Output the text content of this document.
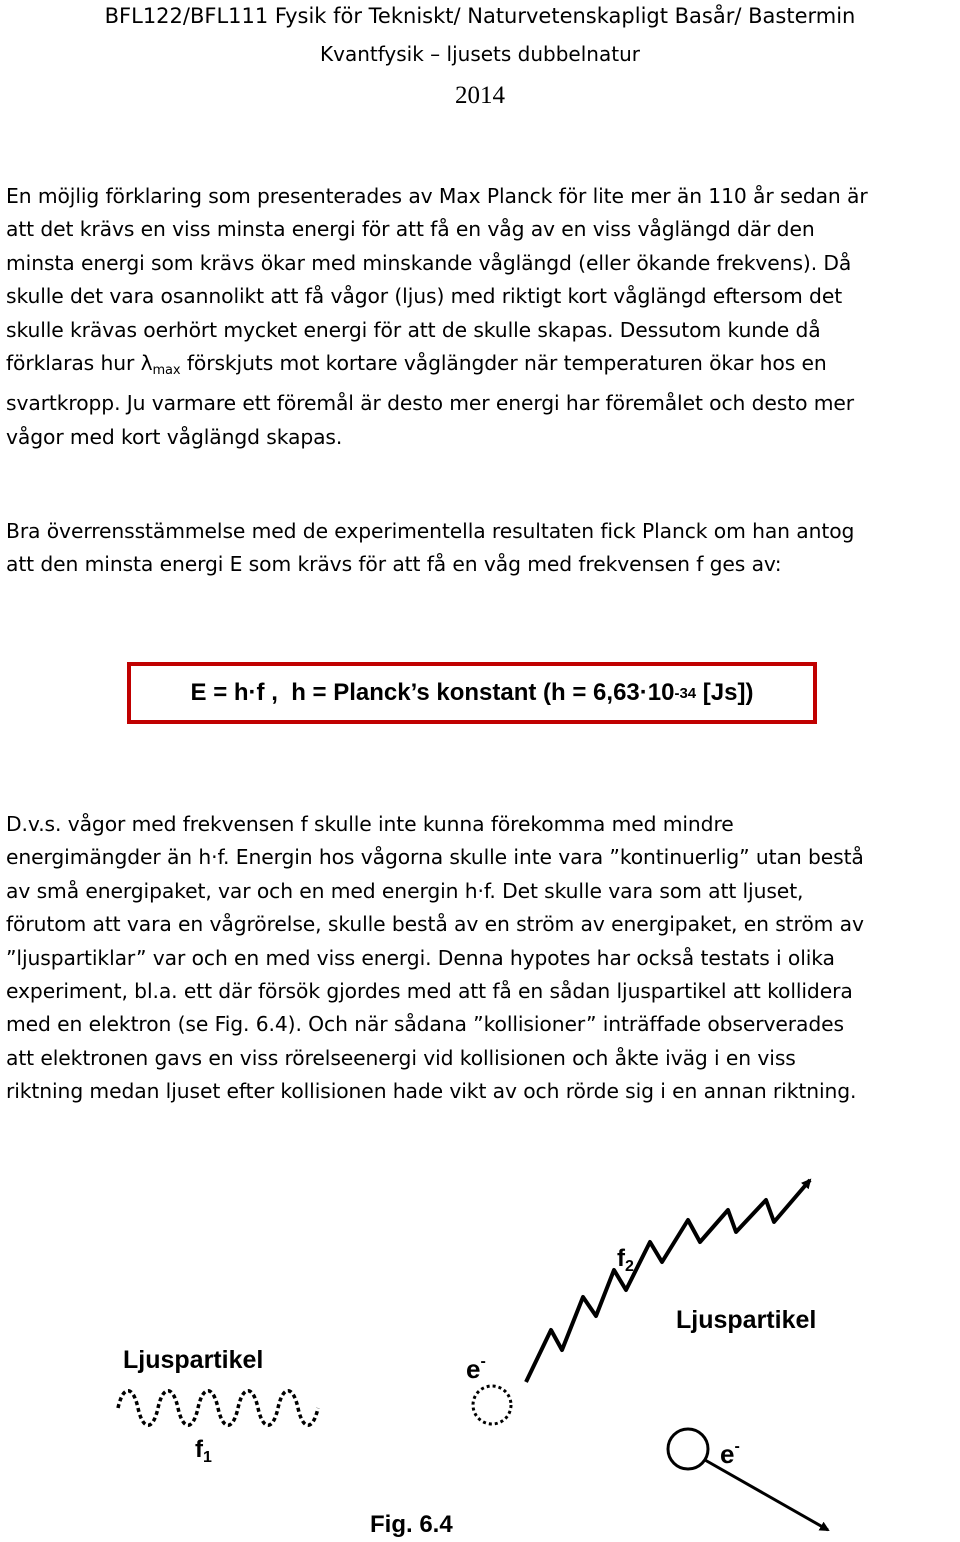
BFL122/BFL111 Fysik för Tekniskt/ Naturvetenskapligt Basår/ Bastermin
Kvantfysik – ljusets dubbelnatur
2014
En möjlig förklaring som presenterades av Max Planck för lite mer än 110 år sedan är
att det krävs en viss minsta energi för att få en våg av en viss våglängd där den
minsta energi som krävs ökar med minskande våglängd (eller ökande frekvens). Då
skulle det vara osannolikt att få vågor (ljus) med riktigt kort våglängd eftersom det
skulle krävas oerhört mycket energi för att de skulle skapas. Dessutom kunde då
förklaras hur $\lambda_{max}$ förskjuts mot kortare våglängder när temperaturen ökar hos en
svartkropp. Ju varmare ett föremål är desto mer energi har föremålet och desto mer
vågor med kort våglängd skapas.
Bra överrensstämmelse med de experimentella resultaten fick Planck om han antog
att den minsta energi E som krävs för att få en våg med frekvensen f ges av:
E = h·f ,  h = Planck’s konstant (h = 6,63·10 -34 [Js])
D.v.s. vågor med frekvensen f skulle inte kunna förekomma med mindre
energimängder än h·f. Energin hos vågorna skulle inte vara ”kontinuerlig” utan bestå
av små energipaket, var och en med energin h·f. Det skulle vara som att ljuset,
förutom att vara en vågrörelse, skulle bestå av en ström av energipaket, en ström av
”ljuspartiklar” var och en med viss energi. Denna hypotes har också testats i olika
experiment, bl.a. ett där försök gjordes med att få en sådan ljuspartikel att kollidera
med en elektron (se Fig. 6.4). Och när sådana ”kollisioner” inträffade observerades
att elektronen gavs en viss rörelseenergi vid kollisionen och åkte iväg i en viss
riktning medan ljuset efter kollisionen hade vikt av och rörde sig i en annan riktning.
Ljuspartikel
$f_1$
e-
$f_2$
Ljuspartikel
e-
Fig. 6.4
